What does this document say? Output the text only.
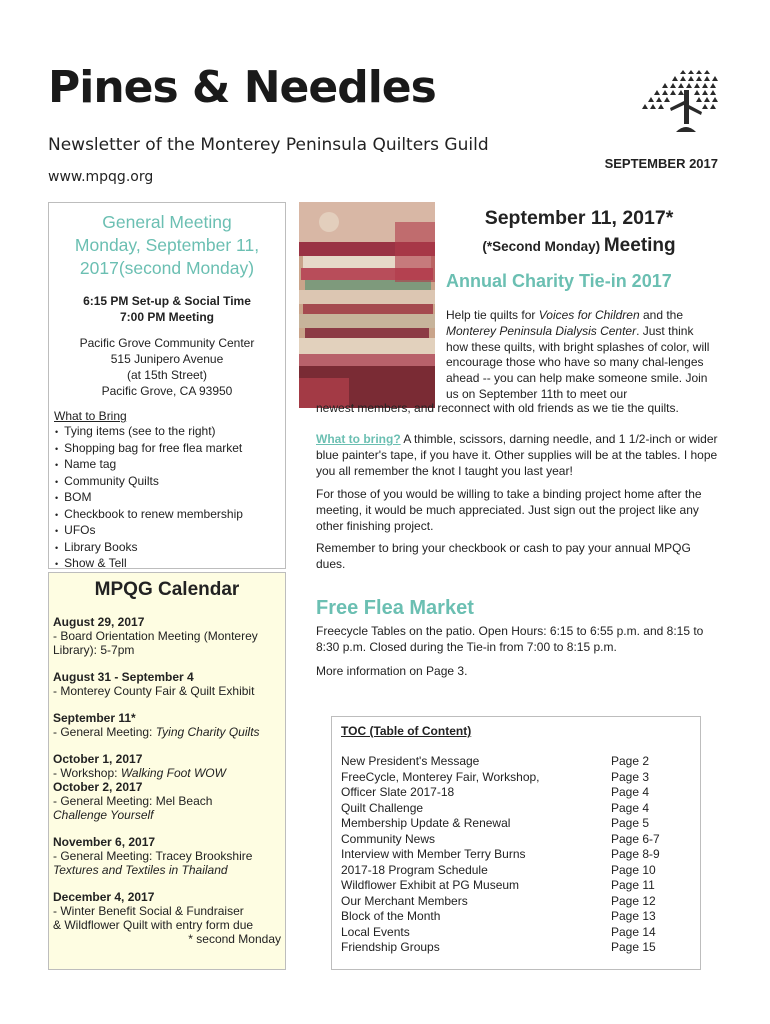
Pines & Needles
Newsletter of the Monterey Peninsula Quilters Guild
www.mpqg.org
SEPTEMBER 2017
General Meeting
Monday, September 11,
2017(second Monday)
6:15 PM Set-up & Social Time
7:00 PM Meeting
Pacific Grove Community Center
515 Junipero Avenue
(at 15th Street)
Pacific Grove, CA 93950
What to Bring
• Tying items (see to the right)
• Shopping bag for free flea market
• Name tag
• Community Quilts
• BOM
• Checkbook to renew membership
• UFOs
• Library Books
• Show & Tell
MPQG Calendar
August 29, 2017
- Board Orientation Meeting (Monterey Library): 5-7pm
August 31 - September 4
- Monterey County Fair & Quilt Exhibit
September 11*
- General Meeting: Tying Charity Quilts
October 1, 2017
- Workshop: Walking Foot WOW
October 2, 2017
- General Meeting: Mel Beach
Challenge Yourself
November 6, 2017
- General Meeting: Tracey Brookshire
Textures and Textiles in Thailand
December 4, 2017
- Winter Benefit Social & Fundraiser
& Wildflower Quilt with entry form due
* second Monday
September 11, 2017*
(*Second Monday) Meeting
Annual Charity Tie-in 2017
Help tie quilts for Voices for Children and the Monterey Peninsula Dialysis Center. Just think how these quilts, with bright splashes of color, will encourage those who have so many chal-lenges ahead -- you can help make someone smile. Join us on September 11th to meet our
newest members, and reconnect with old friends as we tie the quilts.
What to bring? A thimble, scissors, darning needle, and 1 1/2-inch or wider blue painter's tape, if you have it. Other supplies will be at the tables. I hope you all remember the knot I taught you last year!
For those of you would be willing to take a binding project home after the meeting, it would be much appreciated. Just sign out the project like any other finishing project.
Remember to bring your checkbook or cash to pay your annual MPQG dues.
Free Flea Market
Freecycle Tables on the patio. Open Hours: 6:15 to 6:55 p.m. and 8:15 to 8:30 p.m. Closed during the Tie-in from 7:00 to 8:15 p.m.
More information on Page 3.
TOC (Table of Content)
New President's Message	Page 2
FreeCycle, Monterey Fair, Workshop,	Page 3
Officer Slate 2017-18	Page 4
Quilt Challenge	Page 4
Membership Update & Renewal	Page 5
Community News	Page 6-7
Interview with Member Terry Burns	Page 8-9
2017-18 Program Schedule	Page 10
Wildflower Exhibit at PG Museum	Page 11
Our Merchant Members	Page 12
Block of the Month	Page 13
Local Events	Page 14
Friendship Groups	Page 15
